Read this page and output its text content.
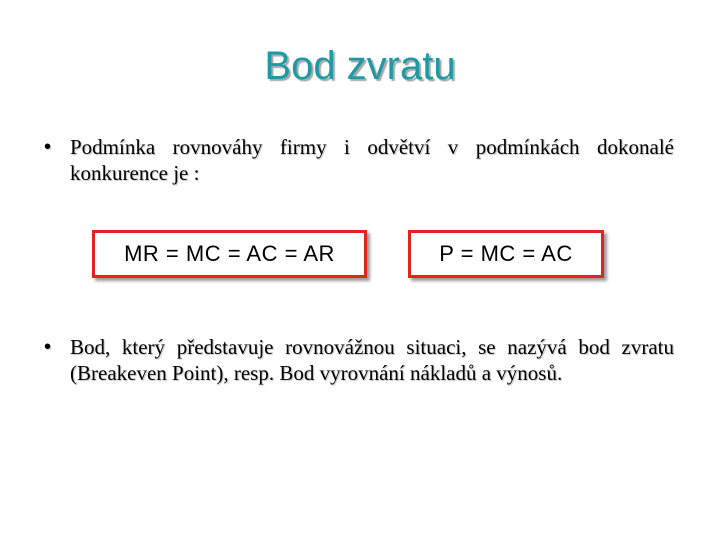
Bod zvratu
• Podmínka rovnováhy firmy i odvětví v podmínkách dokonalé konkurence je :
MR = MC = AC = AR	P = MC = AC
• Bod, který představuje rovnovážnou situaci, se nazývá bod zvratu (Breakeven Point), resp. Bod vyrovnání nákladů a výnosů.
